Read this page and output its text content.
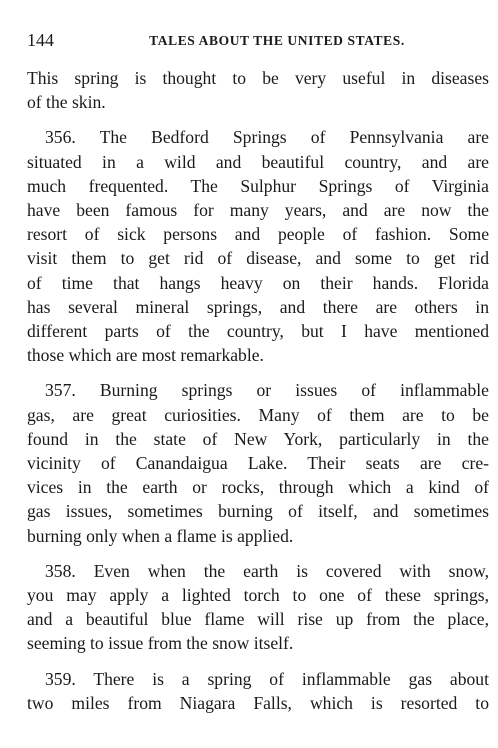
144	TALES ABOUT THE UNITED STATES.

This spring is thought to be very useful in diseases
of the skin.

356. The Bedford Springs of Pennsylvania are
situated in a wild and beautiful country, and are
much frequented. The Sulphur Springs of Virginia
have been famous for many years, and are now the
resort of sick persons and people of fashion. Some
visit them to get rid of disease, and some to get rid
of time that hangs heavy on their hands. Florida
has several mineral springs, and there are others in
different parts of the country, but I have mentioned
those which are most remarkable.

357. Burning springs or issues of inflammable
gas, are great curiosities. Many of them are to be
found in the state of New York, particularly in the
vicinity of Canandaigua Lake. Their seats are cre-
vices in the earth or rocks, through which a kind of
gas issues, sometimes burning of itself, and sometimes
burning only when a flame is applied.

358. Even when the earth is covered with snow,
you may apply a lighted torch to one of these springs,
and a beautiful blue flame will rise up from the place,
seeming to issue from the snow itself.

359. There is a spring of inflammable gas about
two miles from Niagara Falls, which is resorted to
